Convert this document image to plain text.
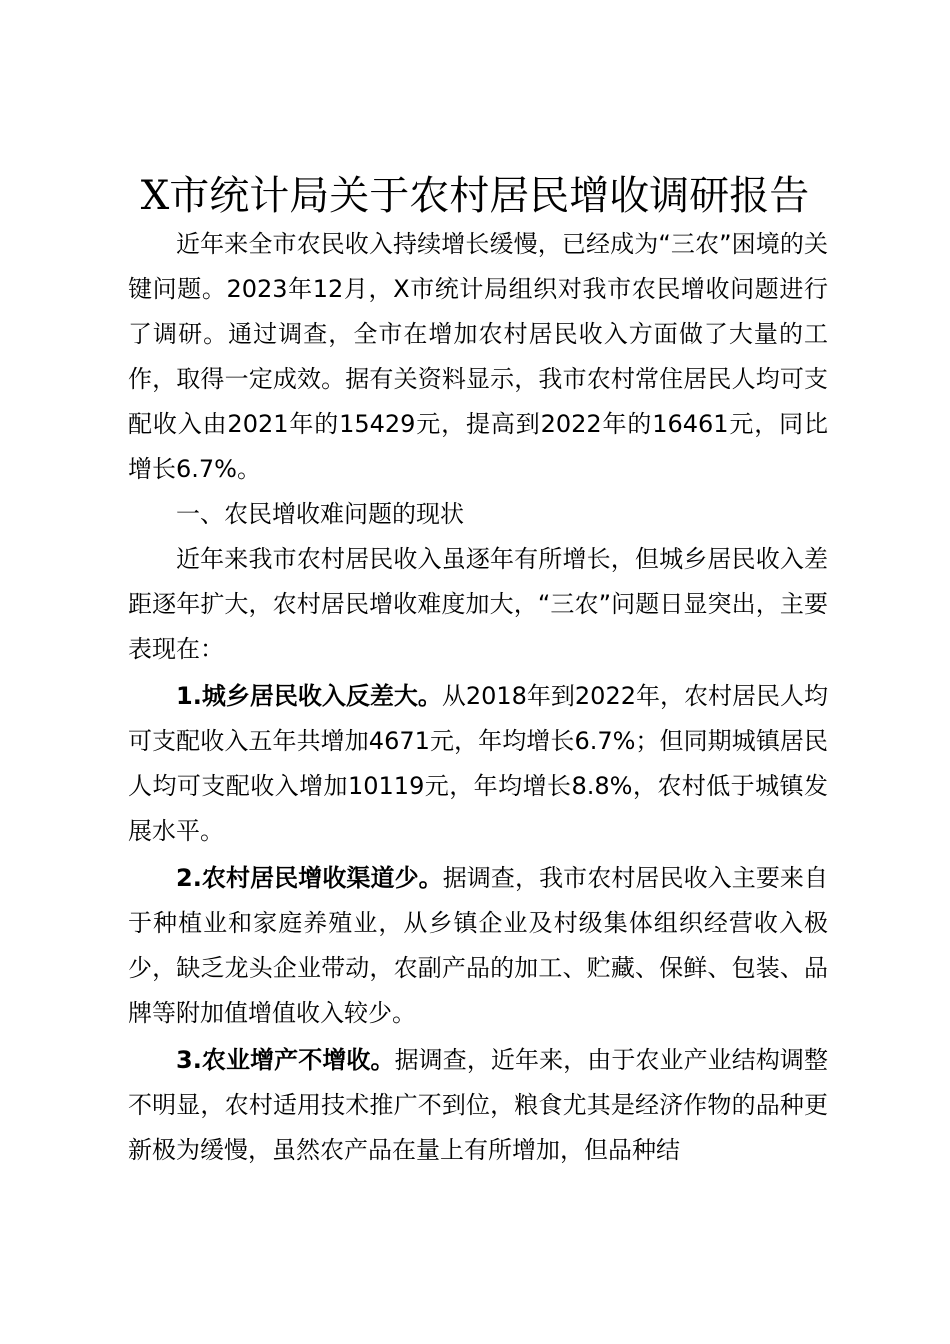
X市统计局关于农村居民增收调研报告

近年来全市农民收入持续增长缓慢，已经成为“三农”困境的关键问题。2023年12月，X市统计局组织对我市农民增收问题进行了调研。通过调查，全市在增加农村居民收入方面做了大量的工作，取得一定成效。据有关资料显示，我市农村常住居民人均可支配收入由2021年的15429元，提高到2022年的16461元，同比增长6.7%。

一、农民增收难问题的现状

近年来我市农村居民收入虽逐年有所增长，但城乡居民收入差距逐年扩大，农村居民增收难度加大，“三农”问题日显突出，主要表现在：

1.城乡居民收入反差大。从2018年到2022年，农村居民人均可支配收入五年共增加4671元，年均增长6.7%；但同期城镇居民人均可支配收入增加10119元，年均增长8.8%，农村低于城镇发展水平。

2.农村居民增收渠道少。据调查，我市农村居民收入主要来自于种植业和家庭养殖业，从乡镇企业及村级集体组织经营收入极少，缺乏龙头企业带动，农副产品的加工、贮藏、保鲜、包装、品牌等附加值增值收入较少。

3.农业增产不增收。据调查，近年来，由于农业产业结构调整不明显，农村适用技术推广不到位，粮食尤其是经济作物的品种更新极为缓慢，虽然农产品在量上有所增加，但品种结
